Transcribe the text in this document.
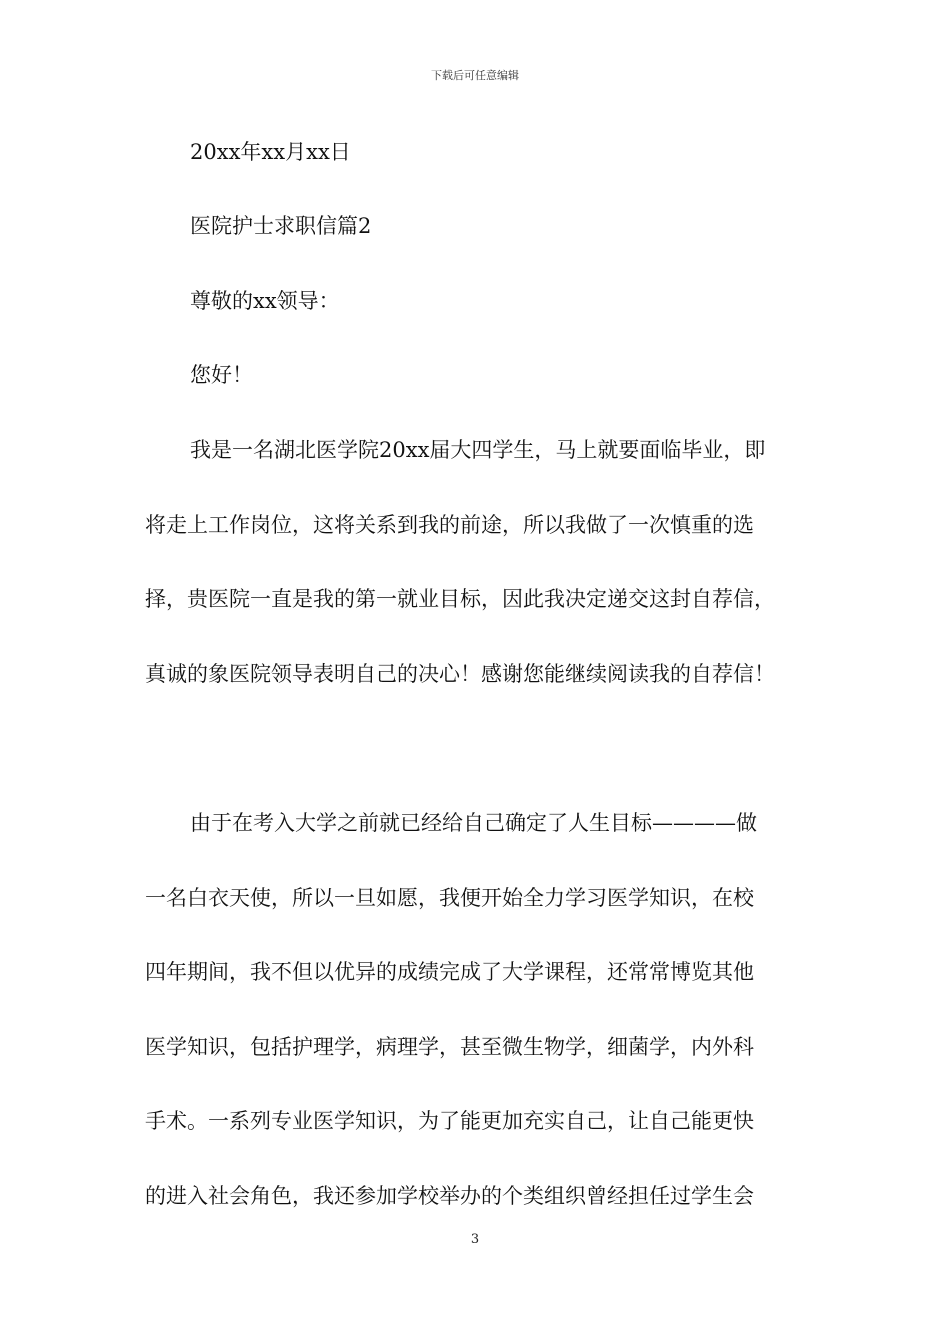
下载后可任意编辑
20xx年xx月xx日
医院护士求职信篇2
尊敬的xx领导：
您好！
我是一名湖北医学院20xx届大四学生，马上就要面临毕业，即
将走上工作岗位，这将关系到我的前途，所以我做了一次慎重的选
择，贵医院一直是我的第一就业目标，因此我决定递交这封自荐信，
真诚的象医院领导表明自己的决心！感谢您能继续阅读我的自荐信！
由于在考入大学之前就已经给自己确定了人生目标————做
一名白衣天使，所以一旦如愿，我便开始全力学习医学知识，在校
四年期间，我不但以优异的成绩完成了大学课程，还常常博览其他
医学知识，包括护理学，病理学，甚至微生物学，细菌学，内外科
手术。一系列专业医学知识，为了能更加充实自己，让自己能更快
的进入社会角色，我还参加学校举办的个类组织曾经担任过学生会
3
